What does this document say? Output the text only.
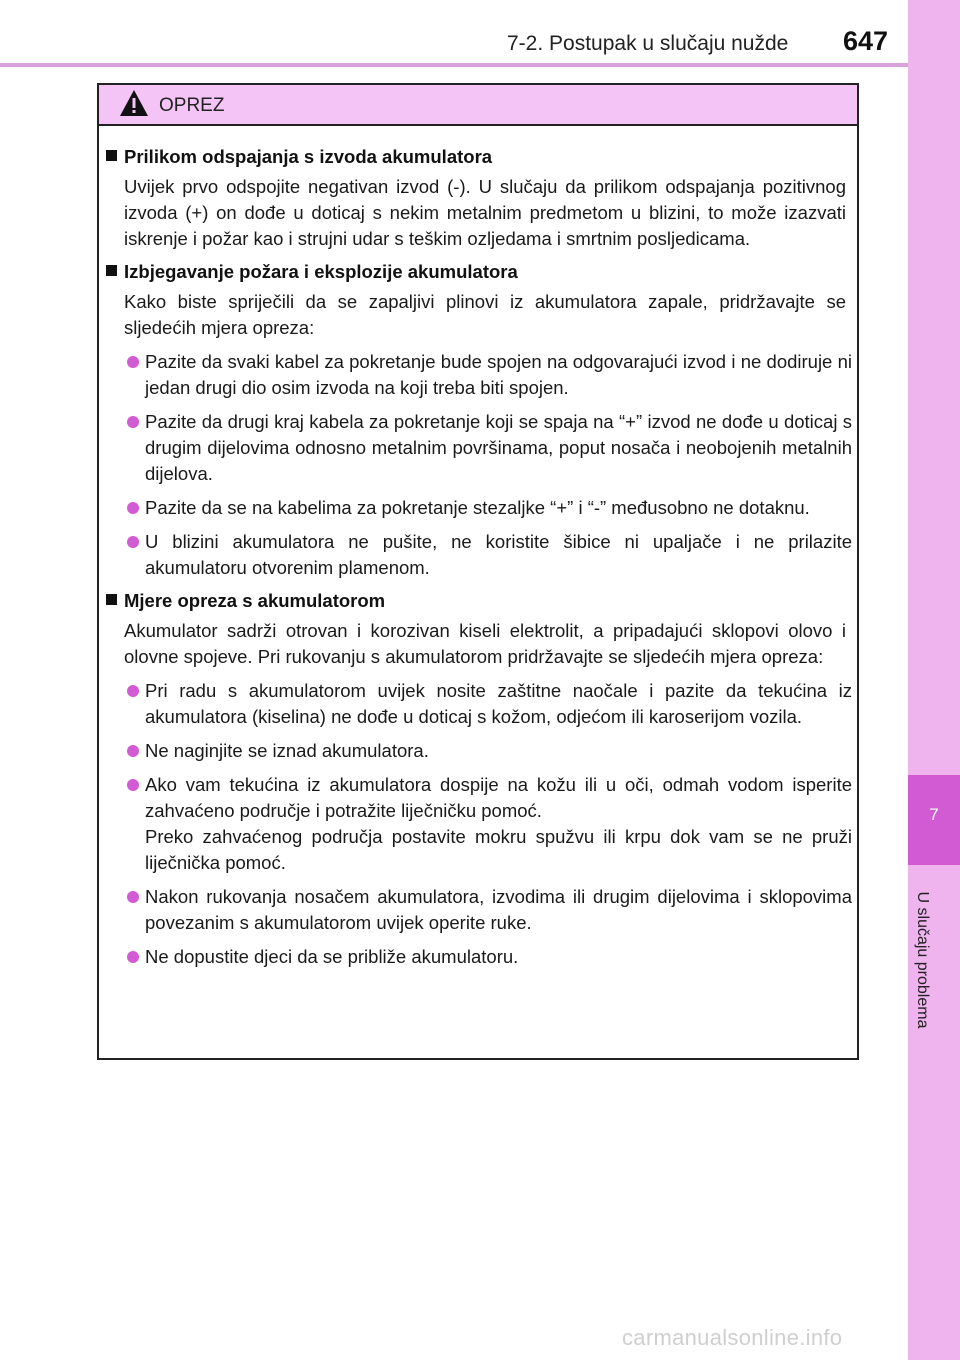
7-2. Postupak u slučaju nužde 647
7
U slučaju problema
OPREZ
Prilikom odspajanja s izvoda akumulatora
Uvijek prvo odspojite negativan izvod (-). U slučaju da prilikom odspajanja pozitivnog izvoda (+) on dođe u doticaj s nekim metalnim predmetom u blizini, to može izazvati iskrenje i požar kao i strujni udar s teškim ozljedama i smrtnim posljedicama.
Izbjegavanje požara i eksplozije akumulatora
Kako biste spriječili da se zapaljivi plinovi iz akumulatora zapale, pridržavajte se sljedećih mjera opreza:
Pazite da svaki kabel za pokretanje bude spojen na odgovarajući izvod i ne dodiruje ni jedan drugi dio osim izvoda na koji treba biti spojen.
Pazite da drugi kraj kabela za pokretanje koji se spaja na “+” izvod ne dođe u doticaj s drugim dijelovima odnosno metalnim površinama, poput nosača i neobojenih metalnih dijelova.
Pazite da se na kabelima za pokretanje stezaljke “+” i “-” međusobno ne dotaknu.
U blizini akumulatora ne pušite, ne koristite šibice ni upaljače i ne prilazite akumulatoru otvorenim plamenom.
Mjere opreza s akumulatorom
Akumulator sadrži otrovan i korozivan kiseli elektrolit, a pripadajući sklopovi olovo i olovne spojeve. Pri rukovanju s akumulatorom pridržavajte se sljedećih mjera opreza:
Pri radu s akumulatorom uvijek nosite zaštitne naočale i pazite da tekućina iz akumulatora (kiselina) ne dođe u doticaj s kožom, odjećom ili karoserijom vozila.
Ne naginjite se iznad akumulatora.
Ako vam tekućina iz akumulatora dospije na kožu ili u oči, odmah vodom isperite zahvaćeno područje i potražite liječničku pomoć.
Preko zahvaćenog područja postavite mokru spužvu ili krpu dok vam se ne pruži liječnička pomoć.
Nakon rukovanja nosačem akumulatora, izvodima ili drugim dijelovima i sklopovima povezanim s akumulatorom uvijek operite ruke.
Ne dopustite djeci da se približe akumulatoru.
carmanualsonline.info
